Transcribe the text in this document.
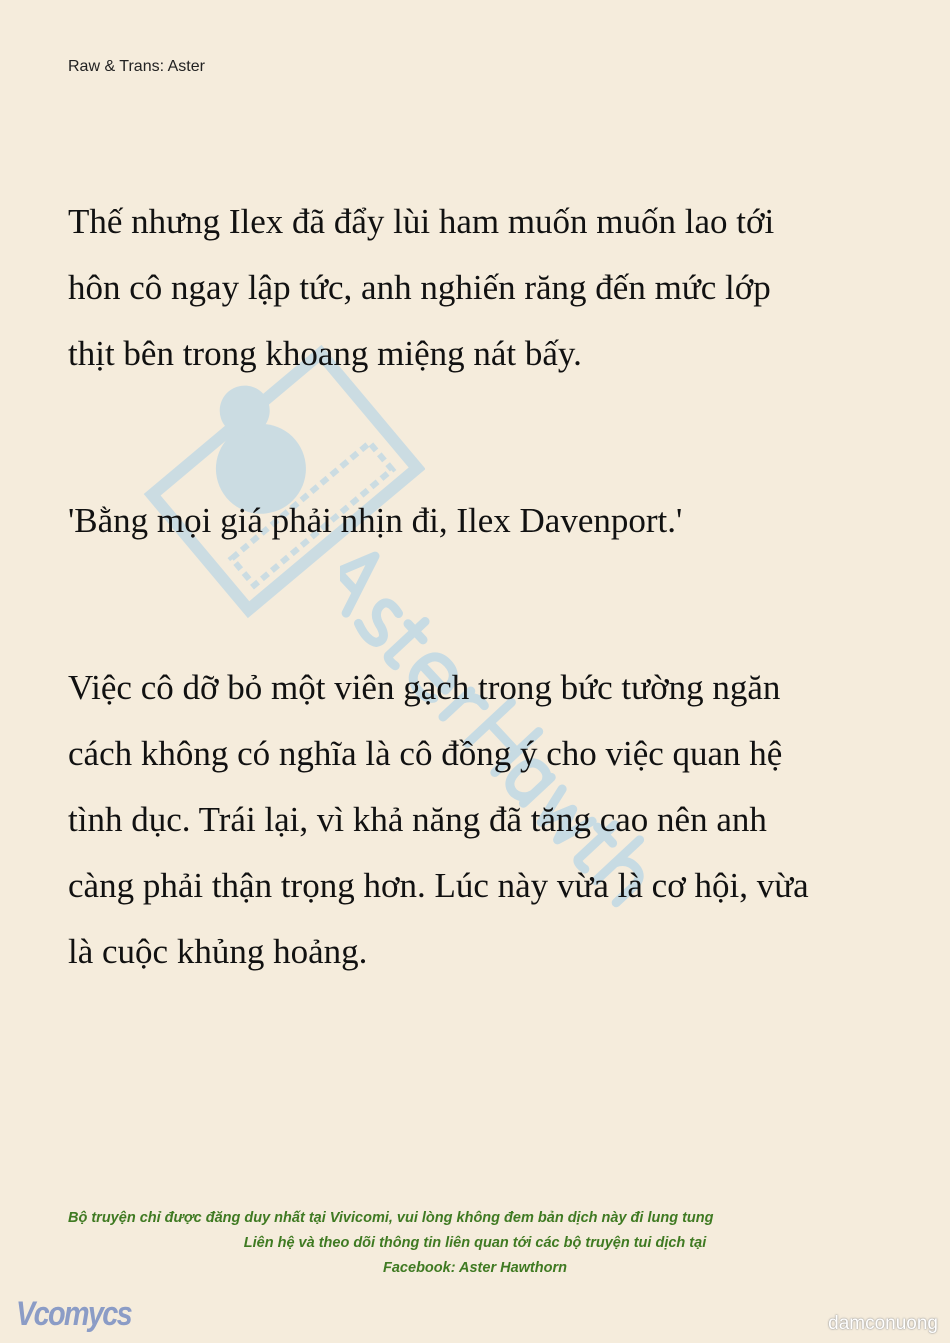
Raw & Trans: Aster
Thế nhưng Ilex đã đẩy lùi ham muốn muốn lao tới
hôn cô ngay lập tức, anh nghiến răng đến mức lớp
thịt bên trong khoang miệng nát bấy.
'Bằng mọi giá phải nhịn đi, Ilex Davenport.'
Việc cô dỡ bỏ một viên gạch trong bức tường ngăn
cách không có nghĩa là cô đồng ý cho việc quan hệ
tình dục. Trái lại, vì khả năng đã tăng cao nên anh
càng phải thận trọng hơn. Lúc này vừa là cơ hội, vừa
là cuộc khủng hoảng.
Bộ truyện chỉ được đăng duy nhất tại Vivicomi, vui lòng không đem bản dịch này đi lung tung
Liên hệ và theo dõi thông tin liên quan tới các bộ truyện tui dịch tại
Facebook: Aster Hawthorn
Vcomycs	damconuong
